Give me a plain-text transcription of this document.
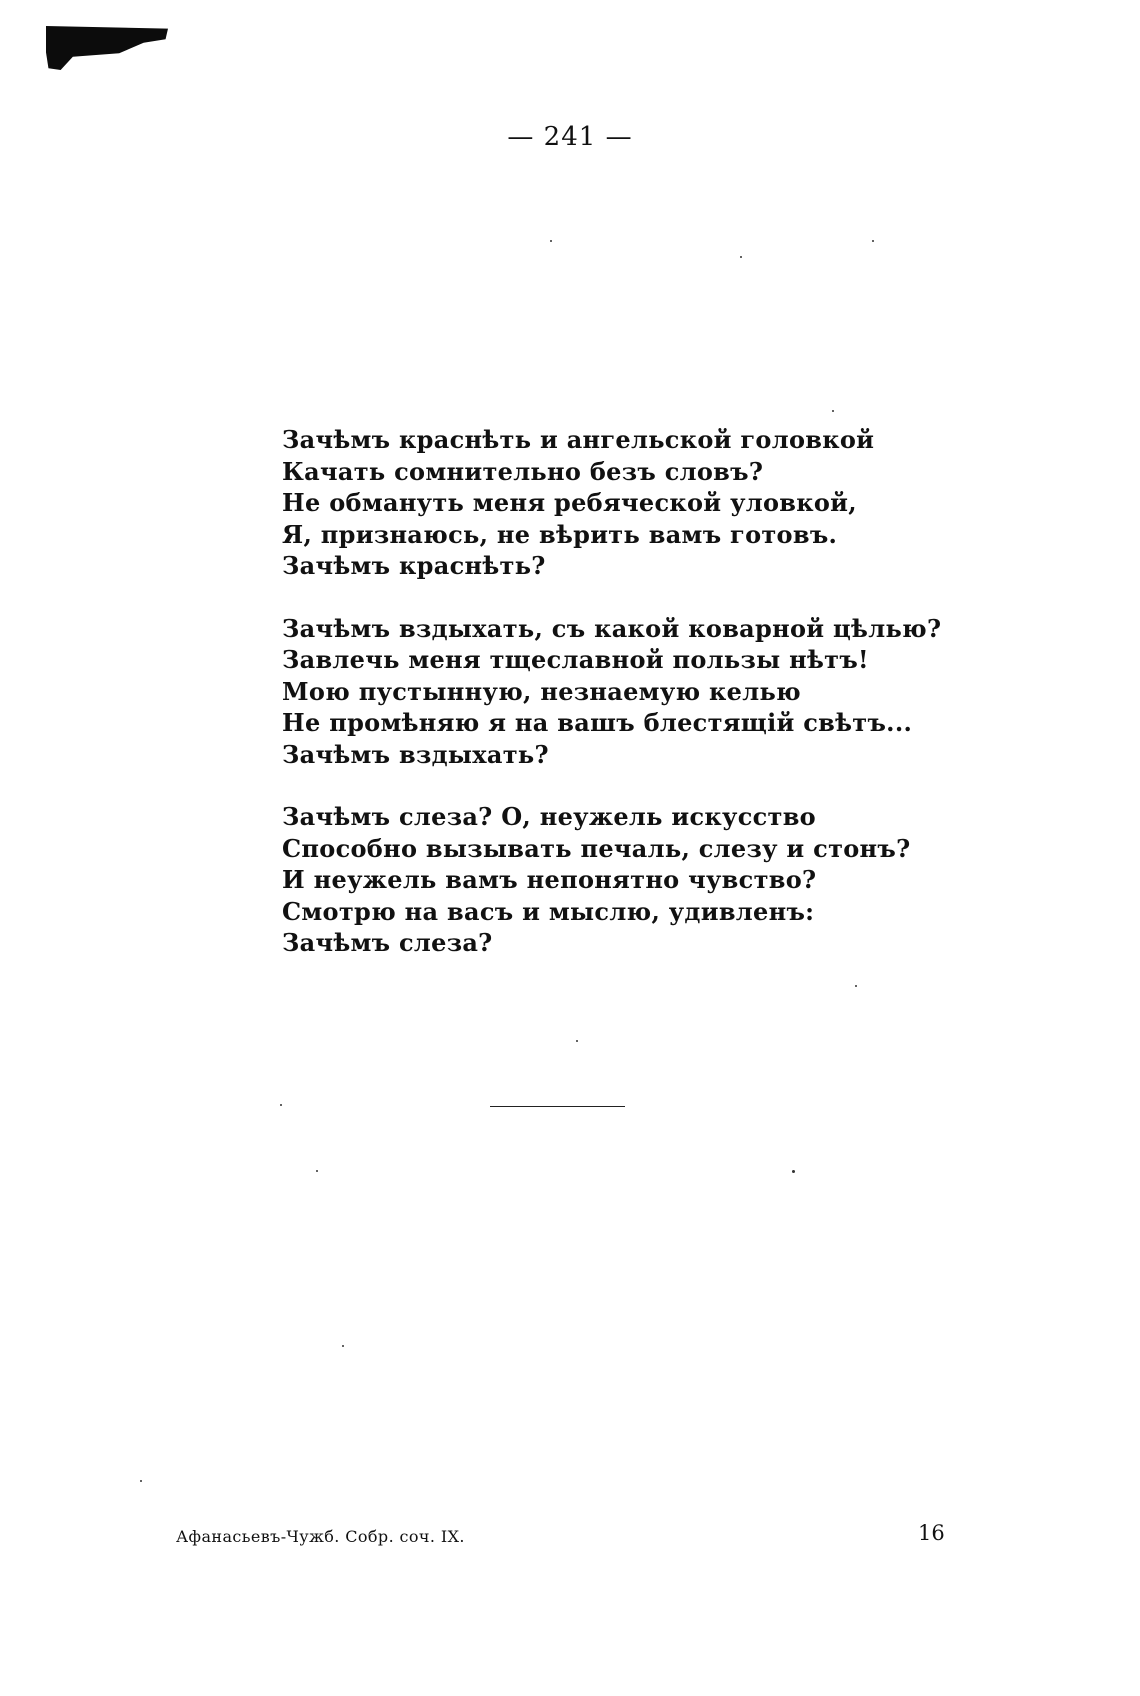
— 241 —
Зачѣмъ краснѣть и ангельской головкой
Качать сомнительно безъ словъ?
Не обмануть меня ребяческой уловкой,
Я, признаюсь, не вѣрить вамъ готовъ.
Зачѣмъ краснѣть?
Зачѣмъ вздыхать, съ какой коварной цѣлью?
Завлечь меня тщеславной пользы нѣтъ!
Мою пустынную, незнаемую келью
Не промѣняю я на вашъ блестящій свѣтъ...
Зачѣмъ вздыхать?
Зачѣмъ слеза? О, неужель искусство
Способно вызывать печаль, слезу и стонъ?
И неужель вамъ непонятно чувство?
Смотрю на васъ и мыслю, удивленъ:
Зачѣмъ слеза?
Афанасьевъ-Чужб. Собр. соч. IX.	16
